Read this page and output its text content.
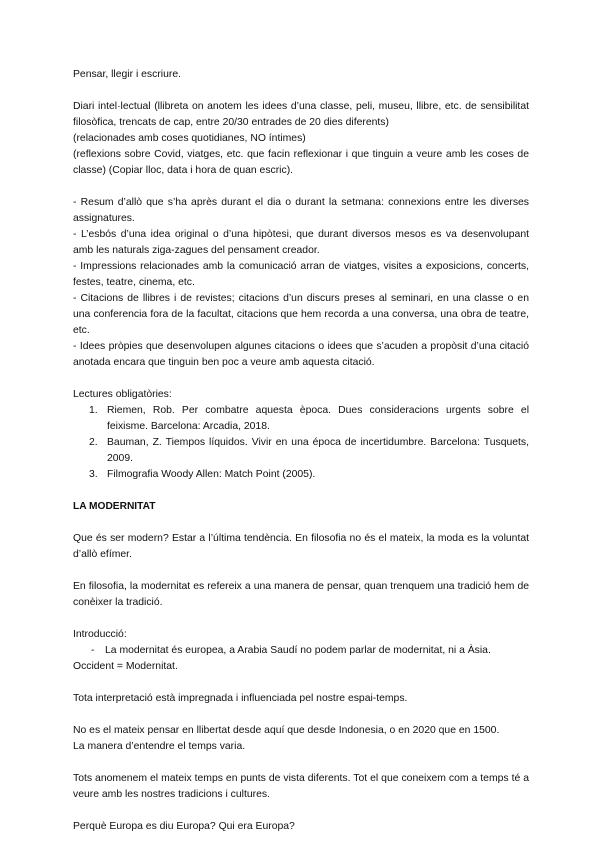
Pensar, llegir i escriure.

Diari intel·lectual (llibreta on anotem les idees d’una classe, peli, museu, llibre, etc. de sensibilitat filosòfica, trencats de cap, entre 20/30 entrades de 20 dies diferents)

(relacionades amb coses quotidianes, NO íntimes)

(reflexions sobre Covid, viatges, etc. que facin reflexionar i que tinguin a veure amb les coses de classe) (Copiar lloc, data i hora de quan escric).

- Resum d’allò que s’ha après durant el dia o durant la setmana: connexions entre les diverses assignatures.

- L’esbós d’una idea original o d’una hipòtesi, que durant diversos mesos es va desenvolupant amb les naturals ziga-zagues del pensament creador.

- Impressions relacionades amb la comunicació arran de viatges, visites a exposicions, concerts, festes, teatre, cinema, etc.

- Citacions de llibres i de revistes; citacions d’un discurs preses al seminari, en una classe o en una conferencia fora de la facultat, citacions que hem recorda a una conversa, una obra de teatre, etc.

- Idees pròpies que desenvolupen algunes citacions o idees que s’acuden a propòsit d’una citació anotada encara que tinguin ben poc a veure amb aquesta citació.

Lectures obligatòries:

1. Riemen, Rob. Per combatre aquesta època. Dues consideracions urgents sobre el feixisme. Barcelona: Arcadia, 2018.
2. Bauman, Z. Tiempos líquidos. Vivir en una época de incertidumbre. Barcelona: Tusquets, 2009.
3. Filmografia Woody Allen: Match Point (2005).

LA MODERNITAT

Que és ser modern? Estar a l’última tendència. En filosofia no és el mateix, la moda es la voluntat d’allò efímer.

En filosofia, la modernitat es refereix a una manera de pensar, quan trenquem una tradició hem de conèixer la tradició.

Introducció:

- La modernitat és europea, a Arabia Saudí no podem parlar de modernitat, ni a Àsia.

Occident = Modernitat.

Tota interpretació està impregnada i influenciada pel nostre espai-temps.

No es el mateix pensar en llibertat desde aquí que desde Indonesia, o en 2020 que en 1500.

La manera d’entendre el temps varia.

Tots anomenem el mateix temps en punts de vista diferents. Tot el que coneixem com a temps té a veure amb les nostres tradicions i cultures.

Perquè Europa es diu Europa? Qui era Europa?
